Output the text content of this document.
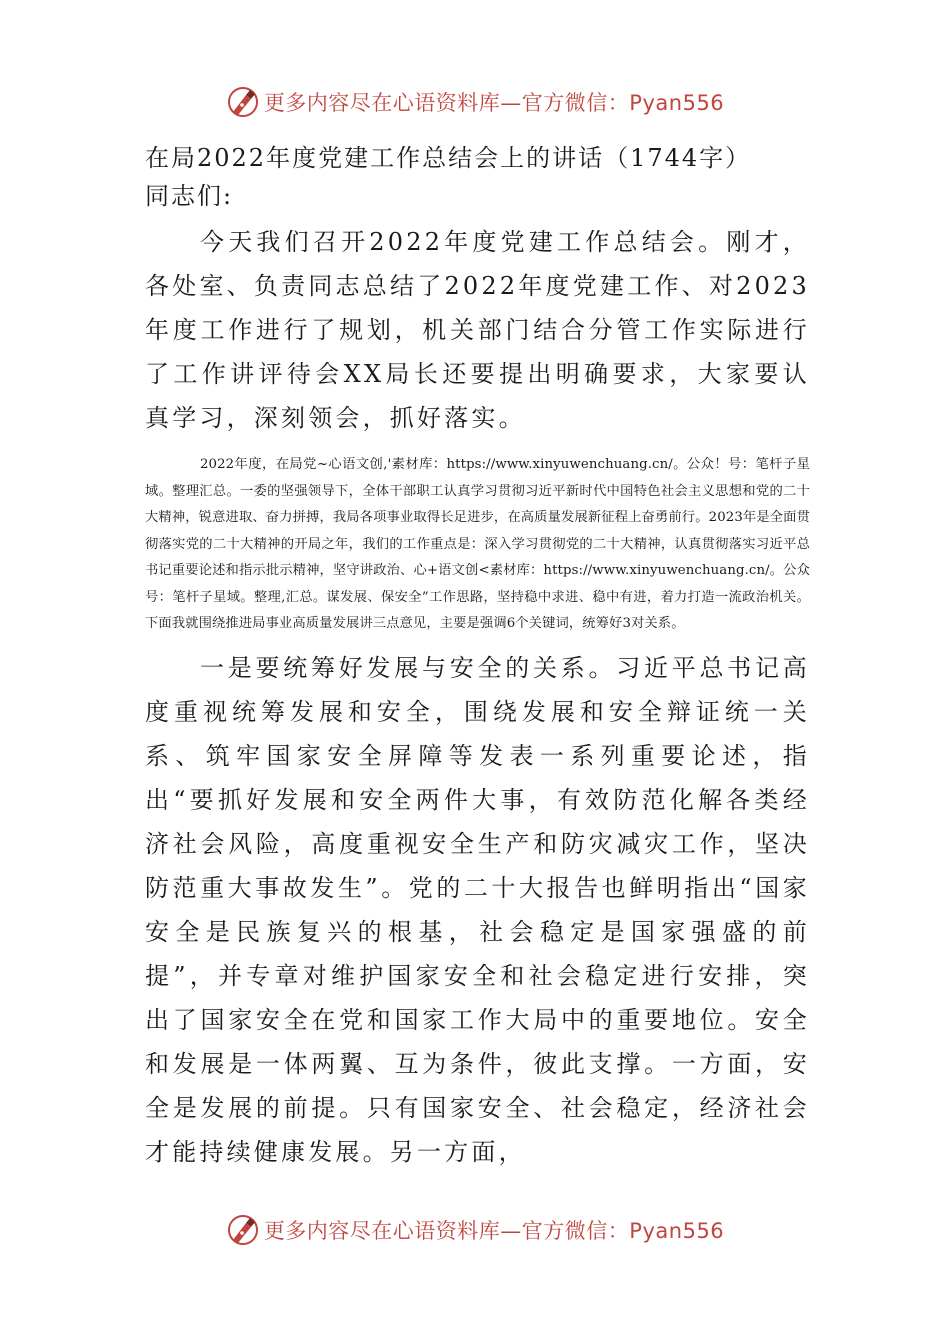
更多内容尽在心语资料库—官方微信：Pyan556
在局2022年度党建工作总结会上的讲话（1744字）
同志们:

今天我们召开2022年度党建工作总结会。刚才，各处室、负责同志总结了2022年度党建工作、对2023年度工作进行了规划，机关部门结合分管工作实际进行了工作讲评待会XX局长还要提出明确要求，大家要认真学习，深刻领会，抓好落实。

2022年度，在局党~心语文创,'素材库：https://www.xinyuwenchuang.cn/。公众！号：笔杆子星域。整理汇总。一委的坚强领导下，全体干部职工认真学习贯彻习近平新时代中国特色社会主义思想和党的二十大精神，锐意进取、奋力拼搏，我局各项事业取得长足进步，在高质量发展新征程上奋勇前行。2023年是全面贯彻落实党的二十大精神的开局之年，我们的工作重点是：深入学习贯彻党的二十大精神，认真贯彻落实习近平总书记重要论述和指示批示精神，坚守讲政治、心+语文创<素材库：https://www.xinyuwenchuang.cn/。公众号：笔杆子星域。整理,汇总。谋发展、保安全”工作思路，坚持稳中求进、稳中有进，着力打造一流政治机关。下面我就围绕推进局事业高质量发展讲三点意见，主要是强调6个关键词，统筹好3对关系。

一是要统筹好发展与安全的关系。习近平总书记高度重视统筹发展和安全，围绕发展和安全辩证统一关系、筑牢国家安全屏障等发表一系列重要论述，指出“要抓好发展和安全两件大事，有效防范化解各类经济社会风险，高度重视安全生产和防灾减灾工作，坚决防范重大事故发生”。党的二十大报告也鲜明指出“国家安全是民族复兴的根基，社会稳定是国家强盛的前提”，并专章对维护国家安全和社会稳定进行安排，突出了国家安全在党和国家工作大局中的重要地位。安全和发展是一体两翼、互为条件，彼此支撑。一方面，安全是发展的前提。只有国家安全、社会稳定，经济社会才能持续健康发展。另一方面，

更多内容尽在心语资料库—官方微信：Pyan556
